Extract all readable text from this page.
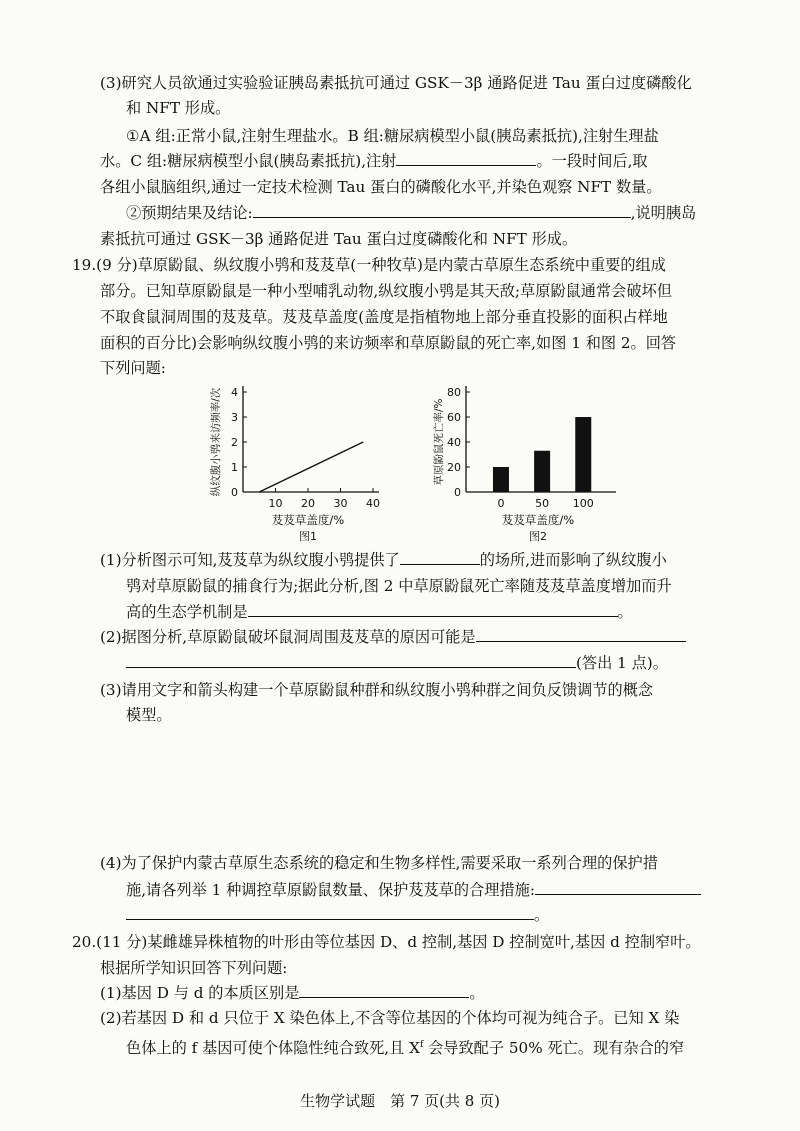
(3)研究人员欲通过实验验证胰岛素抵抗可通过 GSK－3β 通路促进 Tau 蛋白过度磷酸化
和 NFT 形成。
①A 组:正常小鼠,注射生理盐水。B 组:糖尿病模型小鼠(胰岛素抵抗),注射生理盐
水。C 组:糖尿病模型小鼠(胰岛素抵抗),注射	。一段时间后,取
各组小鼠脑组织,通过一定技术检测 Tau 蛋白的磷酸化水平,并染色观察 NFT 数量。
②预期结果及结论:	,说明胰岛
素抵抗可通过 GSK－3β 通路促进 Tau 蛋白过度磷酸化和 NFT 形成。
19.(9 分)草原鼢鼠、纵纹腹小鸮和芨芨草(一种牧草)是内蒙古草原生态系统中重要的组成
部分。已知草原鼢鼠是一种小型哺乳动物,纵纹腹小鸮是其天敌;草原鼢鼠通常会破坏但
不取食鼠洞周围的芨芨草。芨芨草盖度(盖度是指植物地上部分垂直投影的面积占样地
面积的百分比)会影响纵纹腹小鸮的来访频率和草原鼢鼠的死亡率,如图 1 和图 2。回答
下列问题:
0
1
2
3
4
纵纹腹小鸮来访频率/次
芨芨草盖度/%
图1
10 20 30 40
0
20
40
60
80
草原鼢鼠死亡率/%
芨芨草盖度/%
图2
0	50 100
(1)分析图示可知,芨芨草为纵纹腹小鸮提供了	的场所,进而影响了纵纹腹小
鸮对草原鼢鼠的捕食行为;据此分析,图 2 中草原鼢鼠死亡率随芨芨草盖度增加而升
高的生态学机制是	。
(2)据图分析,草原鼢鼠破坏鼠洞周围芨芨草的原因可能是
(答出 1 点)。
(3)请用文字和箭头构建一个草原鼢鼠种群和纵纹腹小鸮种群之间负反馈调节的概念
模型。
(4)为了保护内蒙古草原生态系统的稳定和生物多样性,需要采取一系列合理的保护措
施,请各列举 1 种调控草原鼢鼠数量、保护芨芨草的合理措施:
。
20.(11 分)某雌雄异株植物的叶形由等位基因 D、d 控制,基因 D 控制宽叶,基因 d 控制窄叶。
根据所学知识回答下列问题:
(1)基因 D 与 d 的本质区别是	。
(2)若基因 D 和 d 只位于 X 染色体上,不含等位基因的个体均可视为纯合子。已知 X 染
色体上的 f 基因可使个体隐性纯合致死,且 $X^f$ 会导致配子 50% 死亡。现有杂合的窄
生物学试题　第 7 页(共 8 页)
